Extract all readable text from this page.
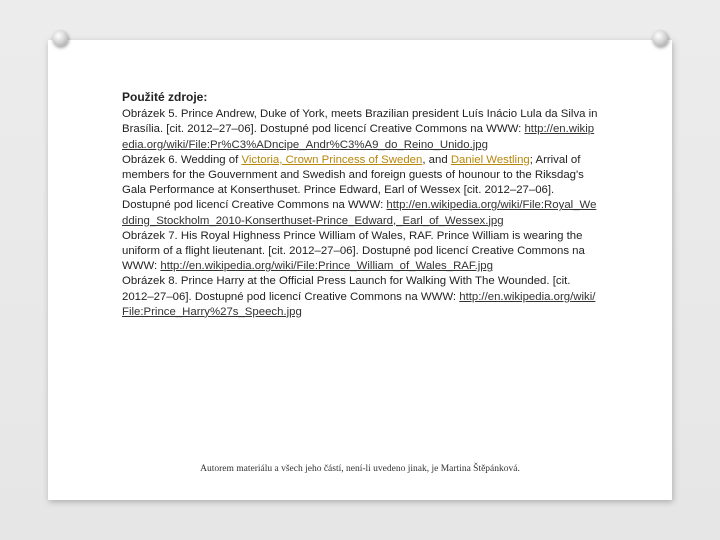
Použité zdroje:

Obrázek 5. Prince Andrew, Duke of York, meets Brazilian president Luís Inácio Lula da Silva in Brasília. [cit. 2012–27–06]. Dostupné pod licencí Creative Commons na WWW: http://en.wikipedia.org/wiki/File:Pr%C3%ADncipe_Andr%C3%A9_do_Reino_Unido.jpg

Obrázek 6. Wedding of Victoria, Crown Princess of Sweden, and Daniel Westling; Arrival of members for the Gouvernment and Swedish and foreign guests of hounour to the Riksdag's Gala Performance at Konserthuset. Prince Edward, Earl of Wessex [cit. 2012–27–06]. Dostupné pod licencí Creative Commons na WWW: http://en.wikipedia.org/wiki/File:Royal_Wedding_Stockholm_2010-Konserthuset-Prince_Edward,_Earl_of_Wessex.jpg

Obrázek 7. His Royal Highness Prince William of Wales, RAF. Prince William is wearing the uniform of a flight lieutenant. [cit. 2012–27–06]. Dostupné pod licencí Creative Commons na WWW: http://en.wikipedia.org/wiki/File:Prince_William_of_Wales_RAF.jpg

Obrázek 8. Prince Harry at the Official Press Launch for Walking With The Wounded. [cit. 2012–27–06]. Dostupné pod licencí Creative Commons na WWW: http://en.wikipedia.org/wiki/File:Prince_Harry%27s_Speech.jpg

Autorem materiálu a všech jeho částí, není-li uvedeno jinak, je Martina Štěpánková.
